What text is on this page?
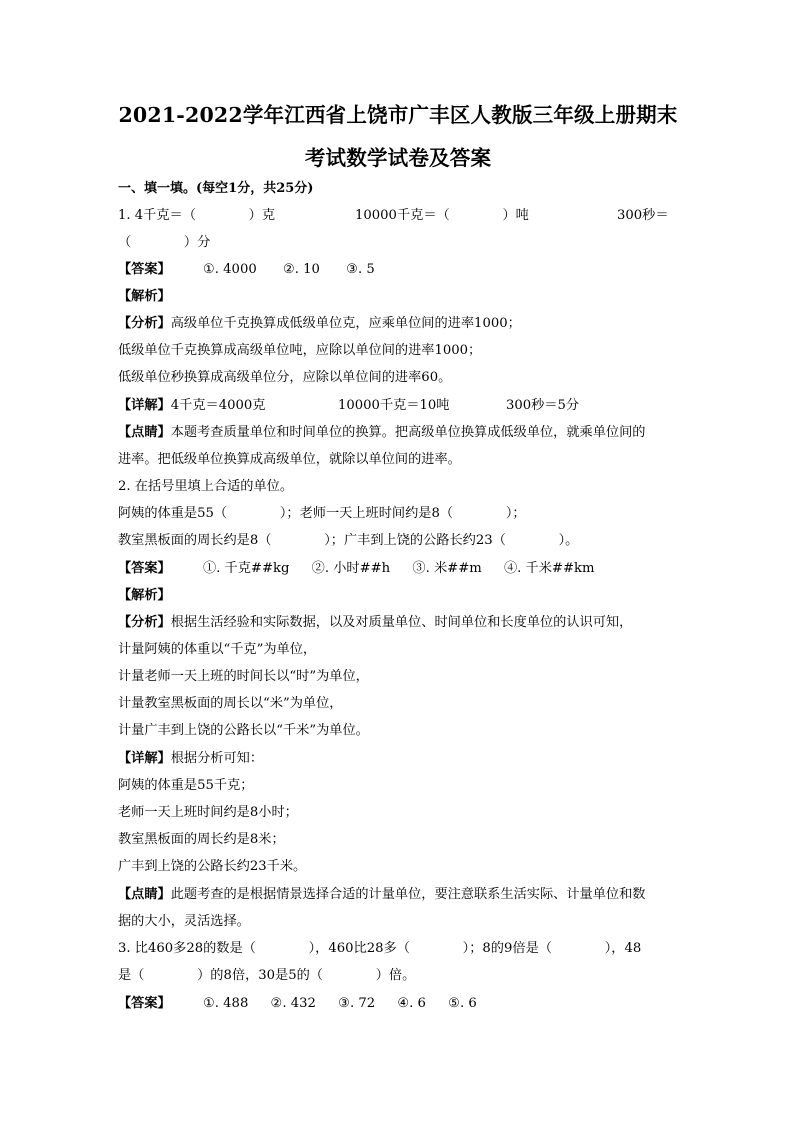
2021-2022学年江西省上饶市广丰区人教版三年级上册期末
考试数学试卷及答案
一、填一填。(每空1分，共25分)
1. 4千克＝（　　　　）克	10000千克＝（　　　　）吨	300秒＝
（　　　　）分
【答案】 ①. 4000 ②. 10 ③. 5
【解析】
【分析】高级单位千克换算成低级单位克，应乘单位间的进率1000；
低级单位千克换算成高级单位吨，应除以单位间的进率1000；
低级单位秒换算成高级单位分，应除以单位间的进率60。
【详解】4千克＝4000克	10000千克＝10吨	300秒＝5分
【点睛】本题考查质量单位和时间单位的换算。把高级单位换算成低级单位，就乘单位间的
进率。把低级单位换算成高级单位，就除以单位间的进率。
2. 在括号里填上合适的单位。
阿姨的体重是55（　　　　）；老师一天上班时间约是8（　　　　）；
教室黑板面的周长约是8（　　　　）；广丰到上饶的公路长约23（　　　　）。
【答案】 ①. 千克##kg ②. 小时##h ③. 米##m ④. 千米##km
【解析】
【分析】根据生活经验和实际数据，以及对质量单位、时间单位和长度单位的认识可知，
计量阿姨的体重以“千克”为单位，
计量老师一天上班的时间长以“时”为单位，
计量教室黑板面的周长以“米”为单位，
计量广丰到上饶的公路长以“千米”为单位。
【详解】根据分析可知：
阿姨的体重是55千克；
老师一天上班时间约是8小时；
教室黑板面的周长约是8米；
广丰到上饶的公路长约23千米。
【点睛】此题考查的是根据情景选择合适的计量单位，要注意联系生活实际、计量单位和数
据的大小，灵活选择。
3. 比460多28的数是（　　　　），460比28多（　　　　）；8的9倍是（　　　　），48
是（　　　　）的8倍，30是5的（　　　　）倍。
【答案】 ①. 488 ②. 432 ③. 72 ④. 6 ⑤. 6
